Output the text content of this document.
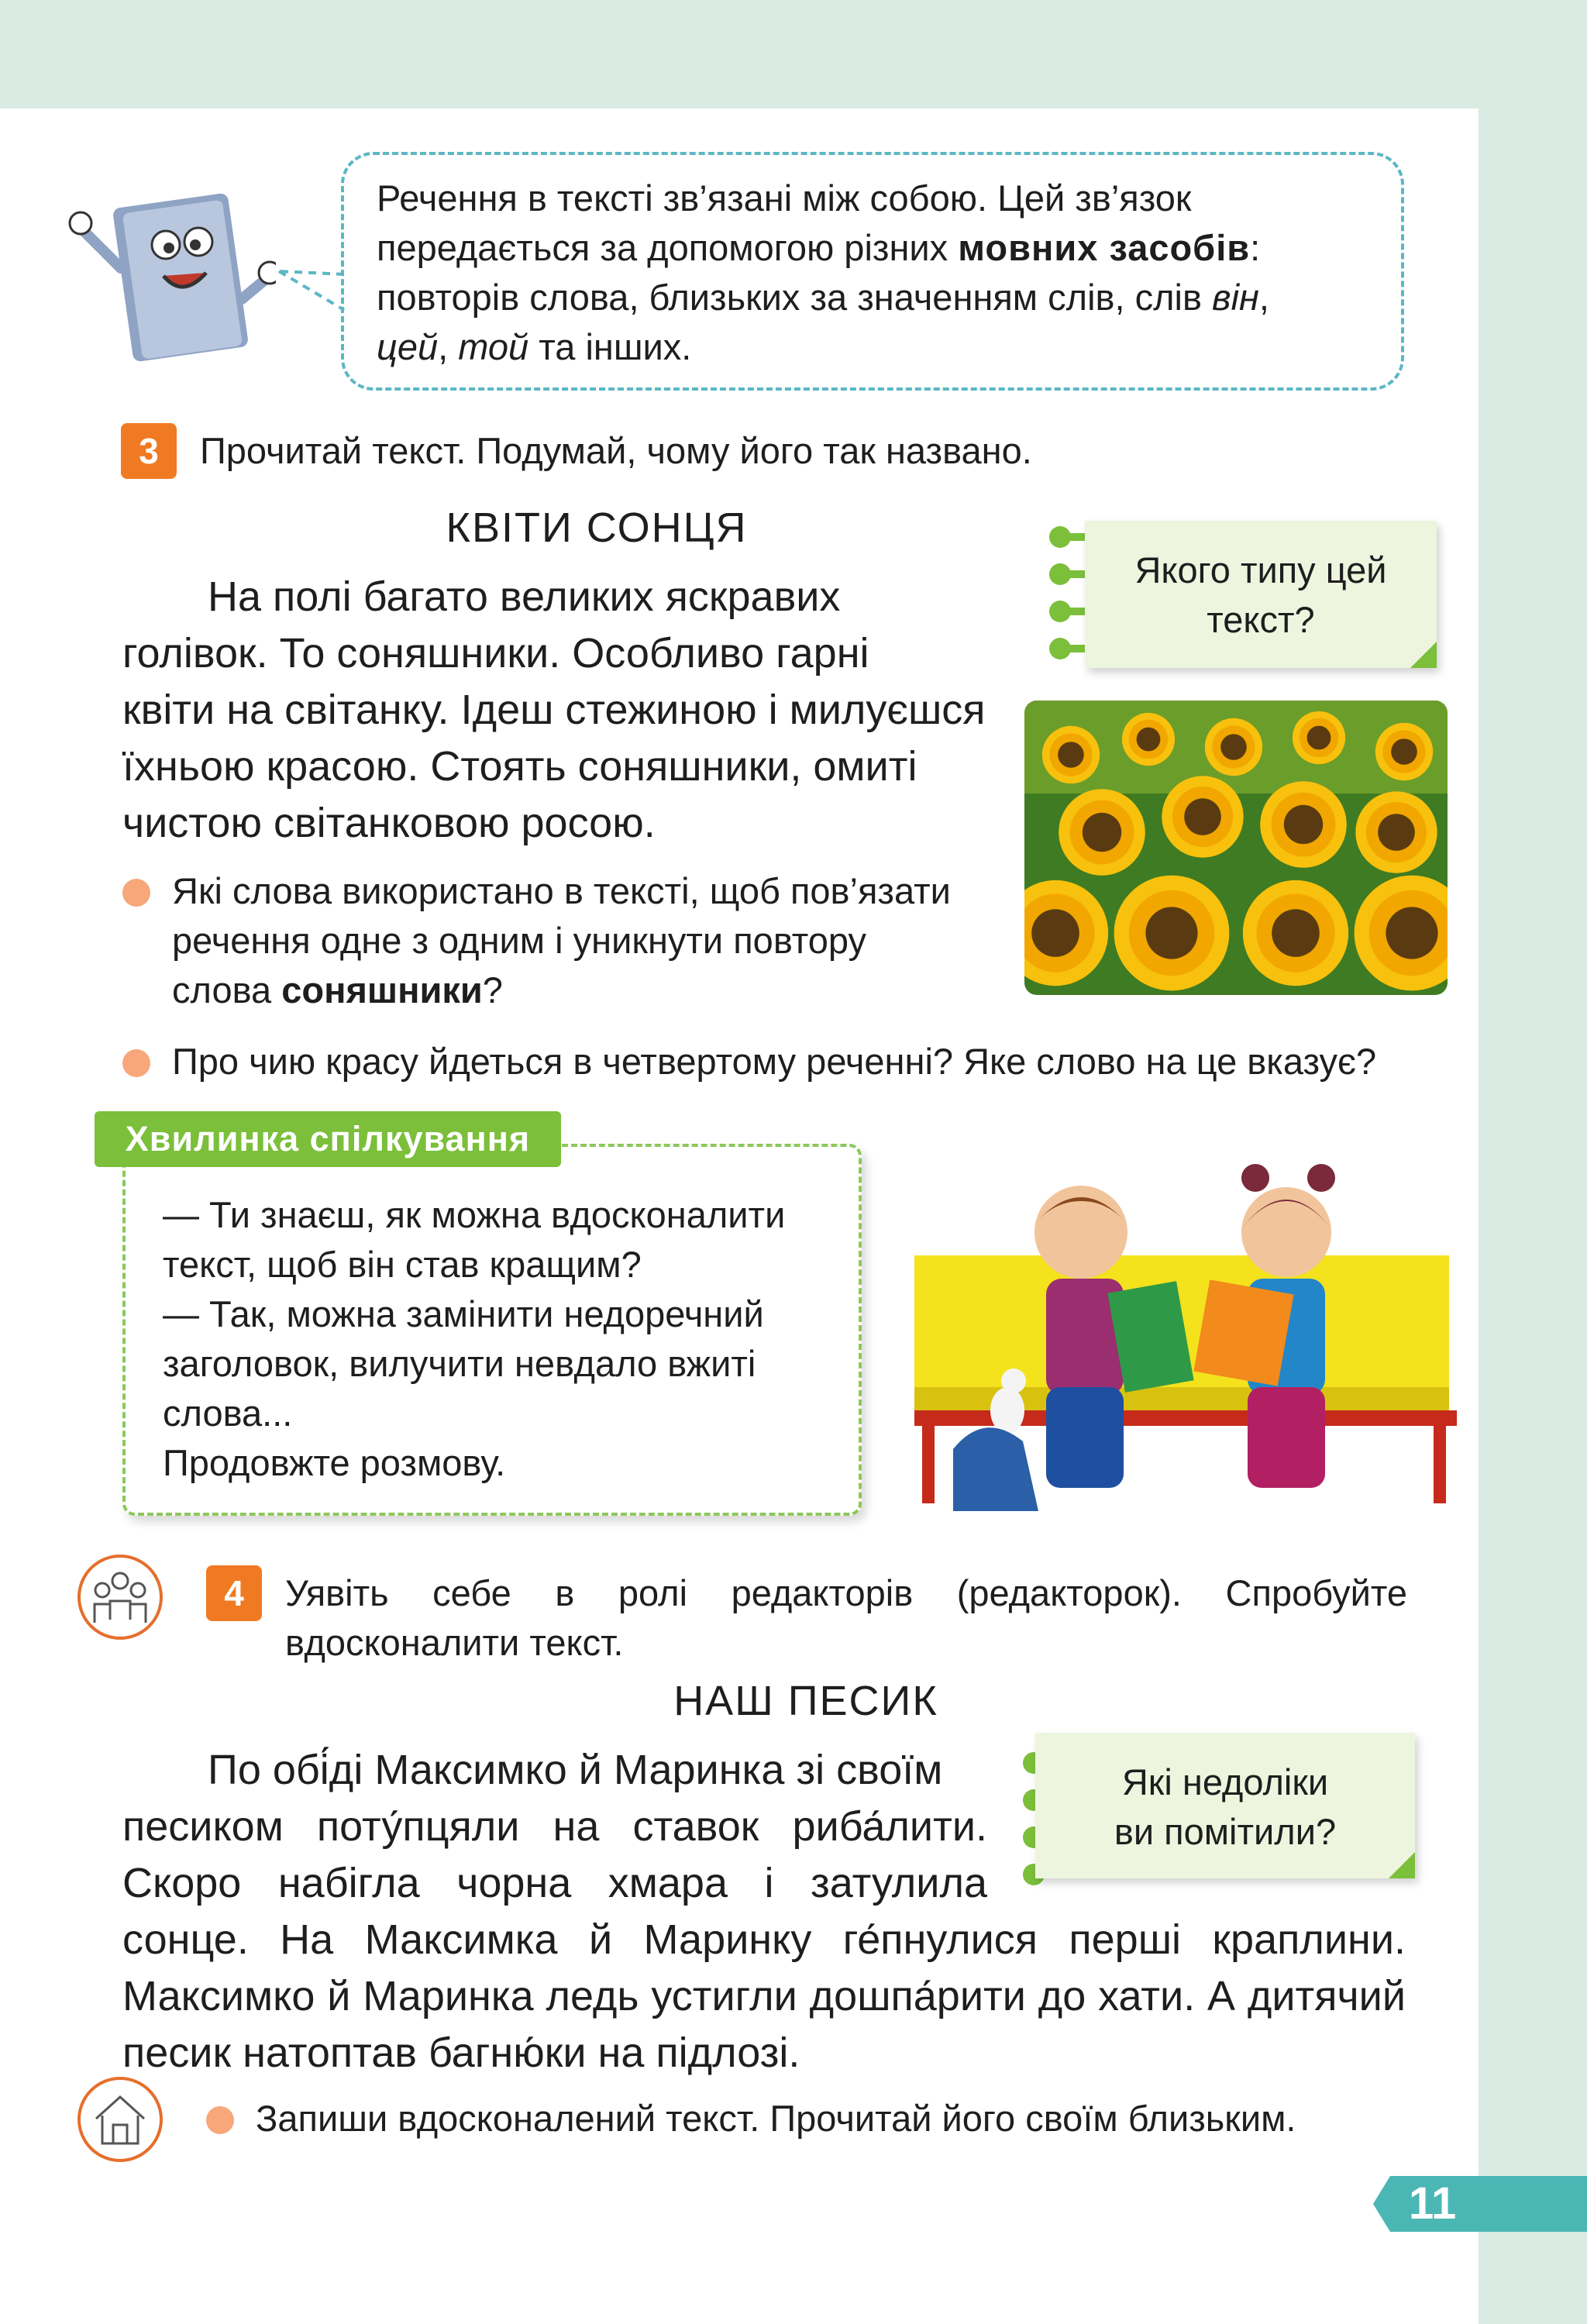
Речення в тексті зв’язані між собою. Цей зв’язок
передається за допомогою різних мовних засобів:
повторів слова, близьких за значенням слів, слів він,
цей, той та інших.
3	Прочитай текст. Подумай, чому його так названо.
КВІТИ СОНЦЯ
На полі багато великих яскравих
голівок. То соняшники. Особливо гарні
квіти на світанку. Ідеш стежиною і милуєшся
їхньою красою. Стоять соняшники, омиті
чистою світанковою росою.
Якого типу цей
текст?
Які слова використано в тексті, щоб пов’язати
речення одне з одним і уникнути повтору
слова соняшники?
Про чию красу йдеться в четвертому реченні? Яке слово на це вказує?
Хвилинка спілкування
— Ти знаєш, як можна вдосконалити
текст, щоб він став кращим?
— Так, можна замінити недоречний
заголовок, вилучити невдало вжиті
слова...
Продовжте розмову.
4	Уявіть себе в ролі редакторів (редакторок). Спробуйте
вдосконалити текст.
НАШ ПЕСИК
По обі́ді Максимко й Маринка зі своїм
песиком поту́пцяли на ставок риба́лити.
Скоро набігла чорна хмара і затулила
сонце. На Максимка й Маринку ге́пнулися перші краплини.
Максимко й Маринка ледь устигли дошпа́рити до хати. А дитячий
песик натоптав багню́ки на підлозі.
Які недоліки
ви помітили?
Запиши вдосконалений текст. Прочитай його своїм близьким.
11
